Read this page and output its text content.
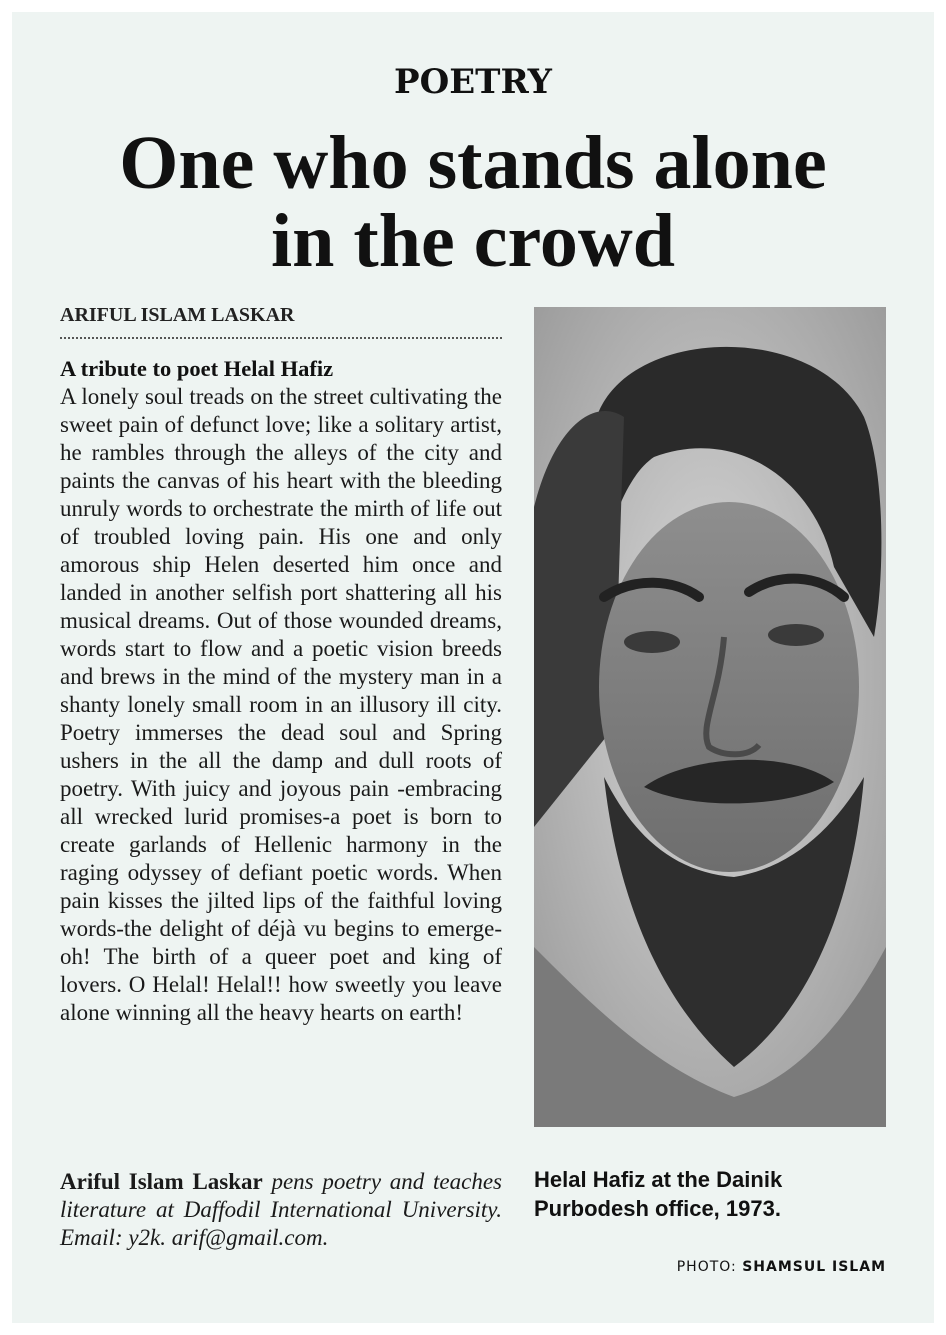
POETRY
One who stands alone
in the crowd
ARIFUL ISLAM LASKAR
A tribute to poet Helal Hafiz

A lonely soul treads on the street cultivating the sweet pain of defunct love; like a solitary artist, he rambles through the alleys of the city and paints the canvas of his heart with the bleeding unruly words to orchestrate the mirth of life out of troubled loving pain. His one and only amorous ship Helen deserted him once and landed in another selfish port shattering all his musical dreams. Out of those wounded dreams, words start to flow and a poetic vision breeds and brews in the mind of the mystery man in a shanty lonely small room in an illusory ill city. Poetry immerses the dead soul and Spring ushers in the all the damp and dull roots of poetry. With juicy and joyous pain -embracing all wrecked lurid promises-a poet is born to create garlands of Hellenic harmony in the raging odyssey of defiant poetic words. When pain kisses the jilted lips of the faithful loving words-the delight of déjà vu begins to emerge- oh! The birth of a queer poet and king of lovers. O Helal! Helal!! how sweetly you leave alone winning all the heavy hearts on earth!

Ariful Islam Laskar pens poetry and teaches literature at Daffodil International University. Email: y2k. arif@gmail.com.

Helal Hafiz at the Dainik Purbodesh office, 1973.
PHOTO: SHAMSUL ISLAM
